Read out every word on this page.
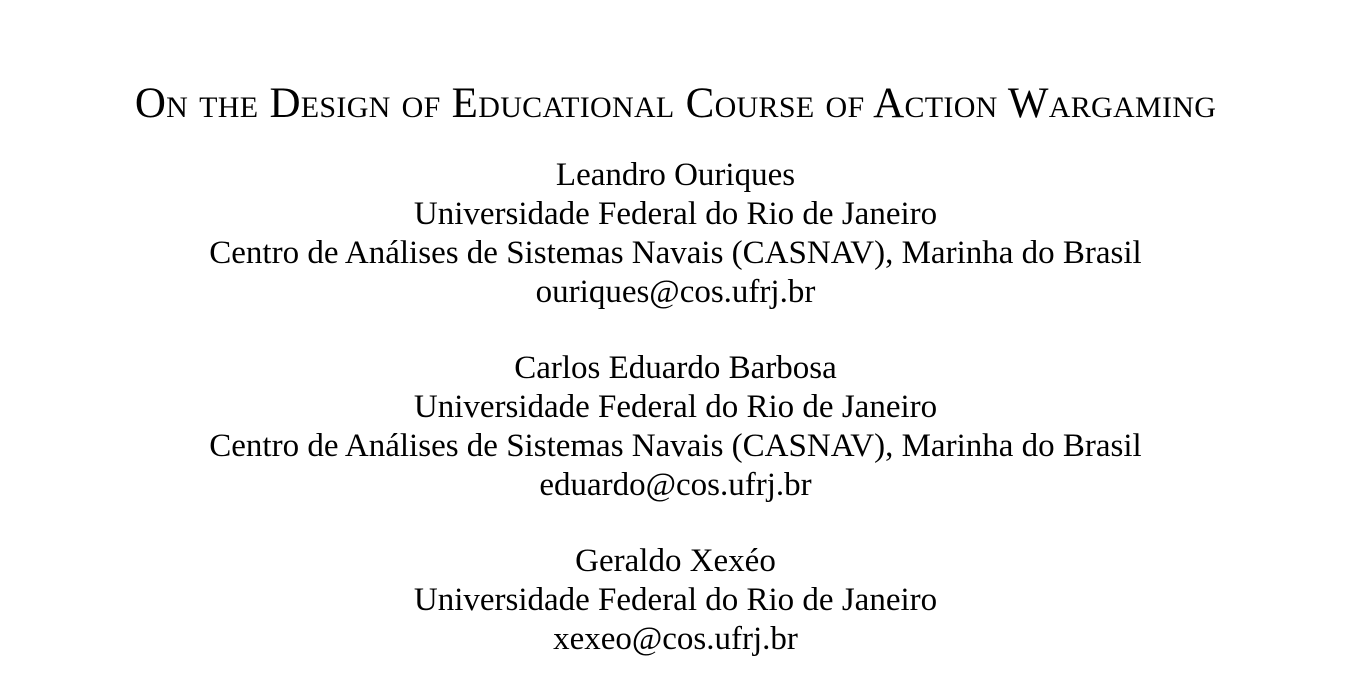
On the Design of Educational Course of Action Wargaming
Leandro Ouriques
Universidade Federal do Rio de Janeiro
Centro de Análises de Sistemas Navais (CASNAV), Marinha do Brasil
ouriques@cos.ufrj.br
Carlos Eduardo Barbosa
Universidade Federal do Rio de Janeiro
Centro de Análises de Sistemas Navais (CASNAV), Marinha do Brasil
eduardo@cos.ufrj.br
Geraldo Xexéo
Universidade Federal do Rio de Janeiro
xexeo@cos.ufrj.br
